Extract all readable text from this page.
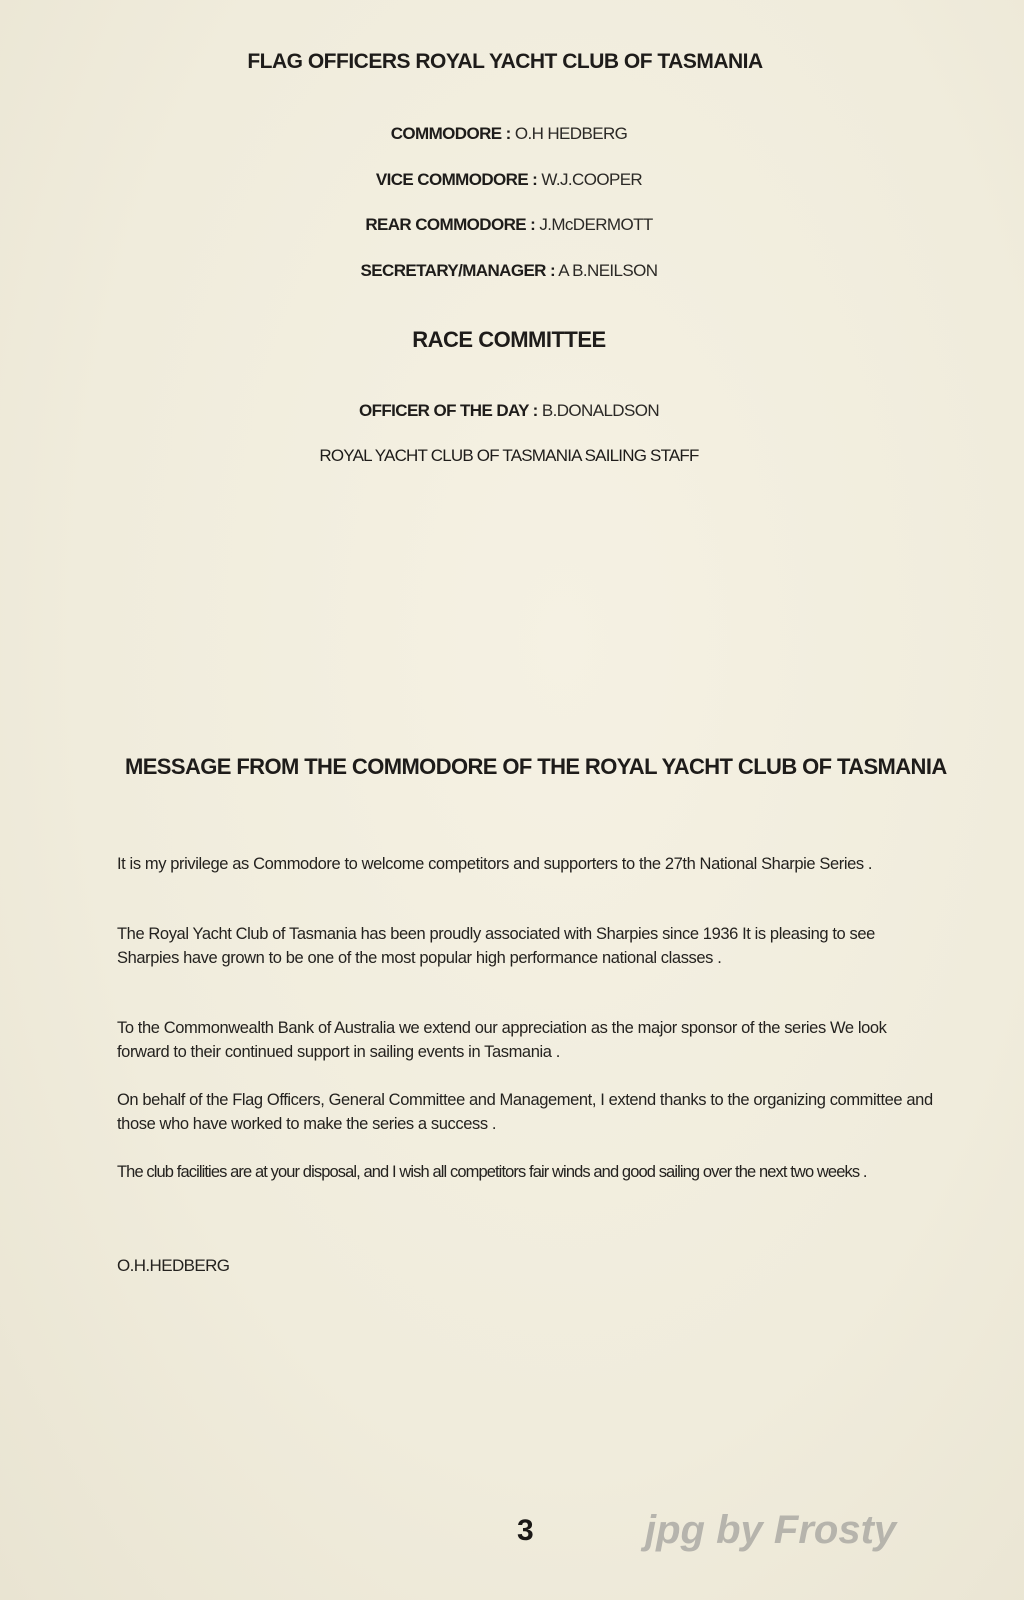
FLAG OFFICERS ROYAL YACHT CLUB OF TASMANIA
COMMODORE : O.H HEDBERG
VICE COMMODORE : W.J.COOPER
REAR COMMODORE : J.McDERMOTT
SECRETARY/MANAGER : A B.NEILSON
RACE COMMITTEE
OFFICER OF THE DAY : B.DONALDSON
ROYAL YACHT CLUB OF TASMANIA SAILING STAFF
MESSAGE FROM THE COMMODORE OF THE ROYAL YACHT CLUB OF TASMANIA
It is my privilege as Commodore to welcome competitors and supporters to the 27th National Sharpie Series .
The Royal Yacht Club of Tasmania has been proudly associated with Sharpies since 1936 It is pleasing to see Sharpies have grown to be one of the most popular high performance national classes .
To the Commonwealth Bank of Australia we extend our appreciation as the major sponsor of the series We look forward to their continued support in sailing events in Tasmania .
On behalf of the Flag Officers, General Committee and Management, I extend thanks to the organizing committee and those who have worked to make the series a success .
The club facilities are at your disposal, and I wish all competitors fair winds and good sailing over the next two weeks .
O.H.HEDBERG
3	jpg by Frosty
